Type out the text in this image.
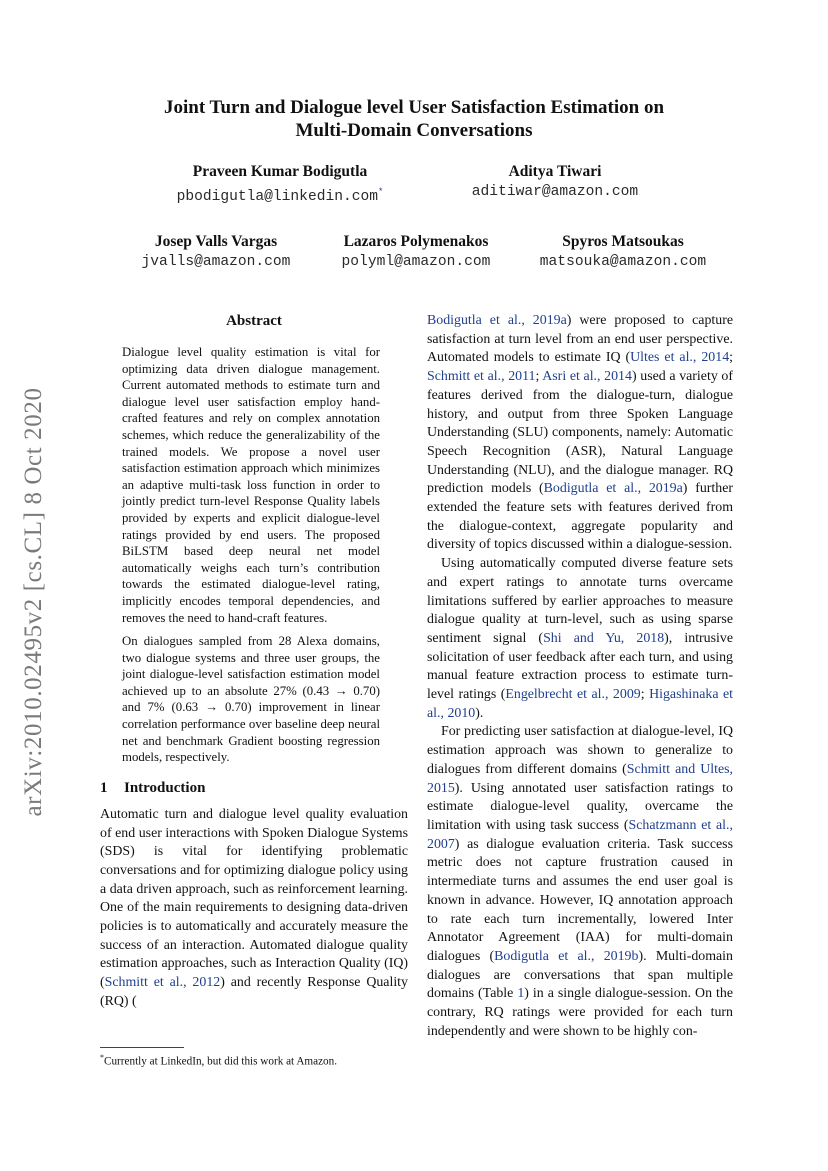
arXiv:2010.02495v2 [cs.CL] 8 Oct 2020
Joint Turn and Dialogue level User Satisfaction Estimation on
Multi-Domain Conversations
Praveen Kumar Bodigutla
pbodigutla@linkedin.com*
Aditya Tiwari
aditiwar@amazon.com
Josep Valls Vargas
jvalls@amazon.com
Lazaros Polymenakos
polyml@amazon.com
Spyros Matsoukas
matsouka@amazon.com
Abstract

Dialogue level quality estimation is vital for optimizing data driven dialogue management. Current automated methods to estimate turn and dialogue level user satisfaction employ hand-crafted features and rely on complex annotation schemes, which reduce the generalizability of the trained models. We propose a novel user satisfaction estimation approach which minimizes an adaptive multi-task loss function in order to jointly predict turn-level Response Quality labels provided by experts and explicit dialogue-level ratings provided by end users. The proposed BiLSTM based deep neural net model automatically weighs each turn’s contribution towards the estimated dialogue-level rating, implicitly encodes temporal dependencies, and removes the need to hand-craft features.

On dialogues sampled from 28 Alexa domains, two dialogue systems and three user groups, the joint dialogue-level satisfaction estimation model achieved up to an absolute 27% (0.43 → 0.70) and 7% (0.63 → 0.70) improvement in linear correlation performance over baseline deep neural net and benchmark Gradient boosting regression models, respectively.

1 Introduction

Automatic turn and dialogue level quality evaluation of end user interactions with Spoken Dialogue Systems (SDS) is vital for identifying problematic conversations and for optimizing dialogue policy using a data driven approach, such as reinforcement learning. One of the main requirements to designing data-driven policies is to automatically and accurately measure the success of an interaction. Automated dialogue quality estimation approaches, such as Interaction Quality (IQ) (Schmitt et al., 2012) and recently Response Quality (RQ) (

Bodigutla et al., 2019a) were proposed to capture satisfaction at turn level from an end user perspective. Automated models to estimate IQ (Ultes et al., 2014; Schmitt et al., 2011; Asri et al., 2014) used a variety of features derived from the dialogue-turn, dialogue history, and output from three Spoken Language Understanding (SLU) components, namely: Automatic Speech Recognition (ASR), Natural Language Understanding (NLU), and the dialogue manager. RQ prediction models (Bodigutla et al., 2019a) further extended the feature sets with features derived from the dialogue-context, aggregate popularity and diversity of topics discussed within a dialogue-session.

Using automatically computed diverse feature sets and expert ratings to annotate turns overcame limitations suffered by earlier approaches to measure dialogue quality at turn-level, such as using sparse sentiment signal (Shi and Yu, 2018), intrusive solicitation of user feedback after each turn, and using manual feature extraction process to estimate turn-level ratings (Engelbrecht et al., 2009; Higashinaka et al., 2010).

For predicting user satisfaction at dialogue-level, IQ estimation approach was shown to generalize to dialogues from different domains (Schmitt and Ultes, 2015). Using annotated user satisfaction ratings to estimate dialogue-level quality, overcame the limitation with using task success (Schatzmann et al., 2007) as dialogue evaluation criteria. Task success metric does not capture frustration caused in intermediate turns and assumes the end user goal is known in advance. However, IQ annotation approach to rate each turn incrementally, lowered Inter Annotator Agreement (IAA) for multi-domain dialogues (Bodigutla et al., 2019b). Multi-domain dialogues are conversations that span multiple domains (Table 1) in a single dialogue-session. On the contrary, RQ ratings were provided for each turn independently and were shown to be highly con-

*Currently at LinkedIn, but did this work at Amazon.
